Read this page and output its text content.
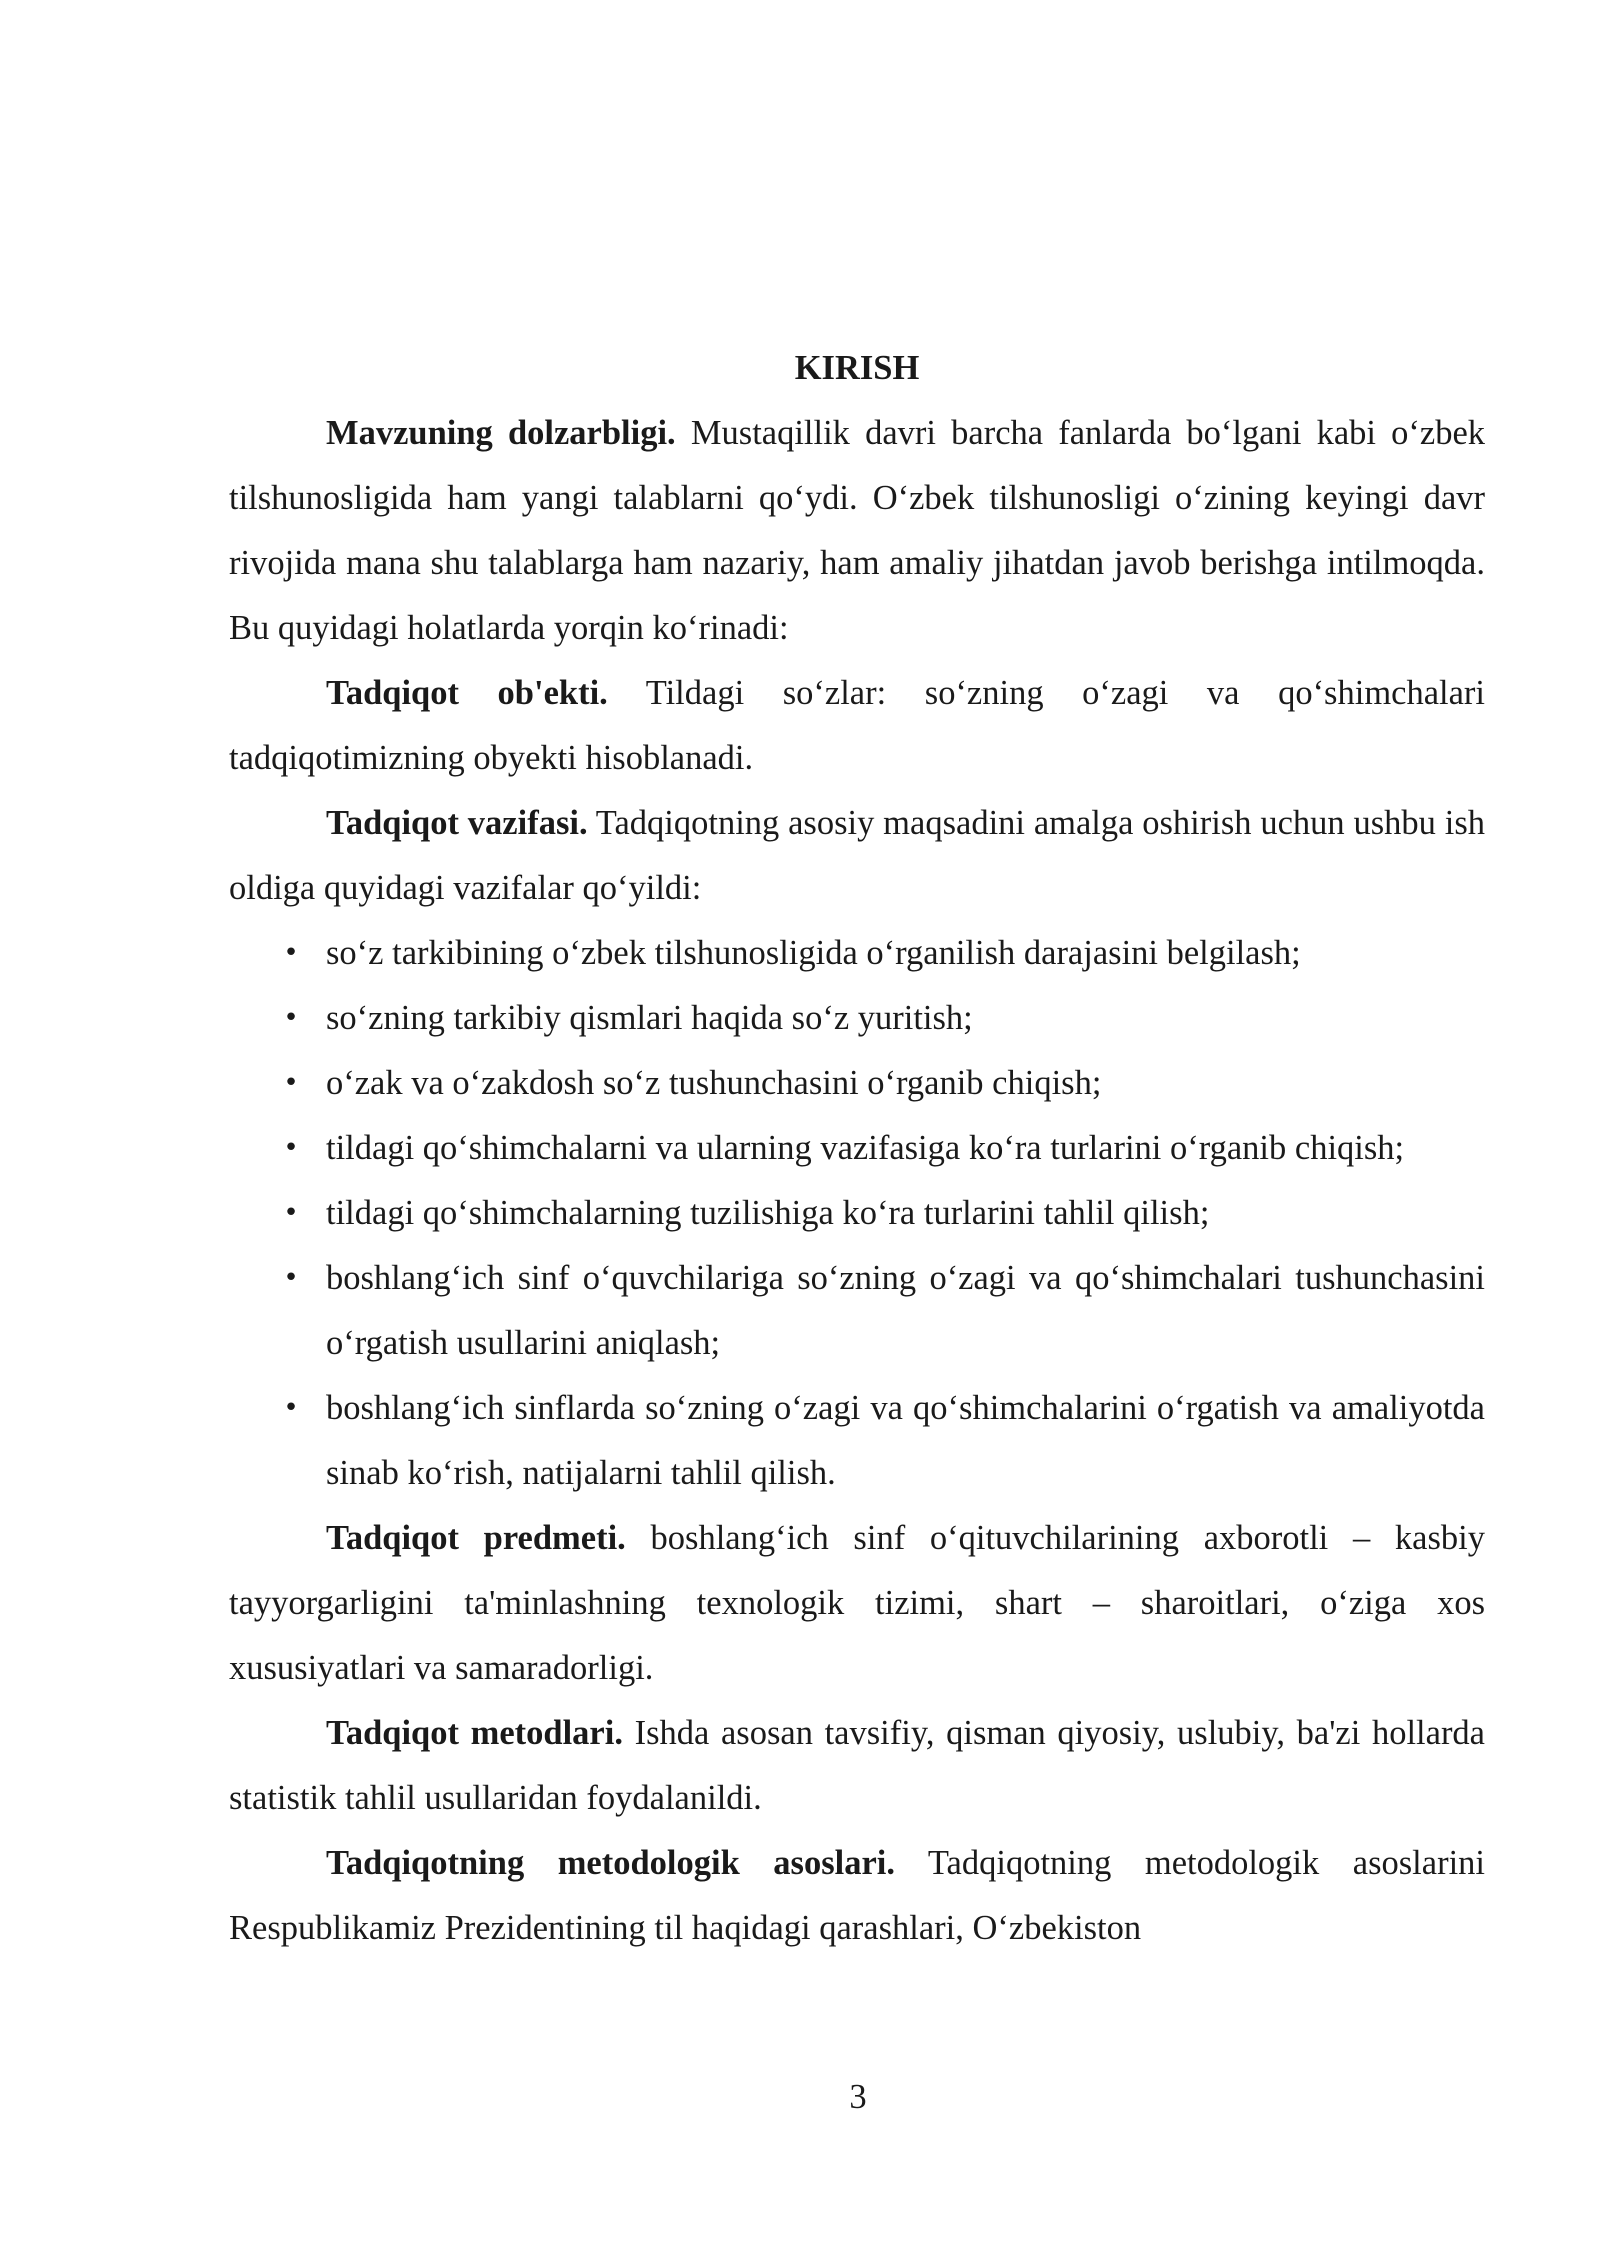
KIRISH

Mavzuning dolzarbligi. Mustaqillik davri barcha fanlarda boʻlgani kabi oʻzbek tilshunosligida ham yangi talablarni qoʻydi. Oʻzbek tilshunosligi oʻzining keyingi davr rivojida mana shu talablarga ham nazariy, ham amaliy jihatdan javob berishga intilmoqda. Bu quyidagi holatlarda yorqin koʻrinadi:

Tadqiqot ob'ekti. Tildagi soʻzlar: soʻzning oʻzagi va qoʻshimchalari tadqiqotimizning obyekti hisoblanadi.

Tadqiqot vazifasi. Tadqiqotning asosiy maqsadini amalga oshirish uchun ushbu ish oldiga quyidagi vazifalar qoʻyildi:

• soʻz tarkibining oʻzbek tilshunosligida oʻrganilish darajasini belgilash;
• soʻzning tarkibiy qismlari haqida soʻz yuritish;
• oʻzak va oʻzakdosh soʻz tushunchasini oʻrganib chiqish;
• tildagi qoʻshimchalarni va ularning vazifasiga koʻra turlarini oʻrganib chiqish;
• tildagi qoʻshimchalarning tuzilishiga koʻra turlarini tahlil qilish;
• boshlangʻich sinf oʻquvchilariga soʻzning oʻzagi va qoʻshimchalari tushunchasini oʻrgatish usullarini aniqlash;
• boshlangʻich sinflarda soʻzning oʻzagi va qoʻshimchalarini oʻrgatish va amaliyotda sinab koʻrish, natijalarni tahlil qilish.

Tadqiqot predmeti. boshlangʻich sinf oʻqituvchilarining axborotli – kasbiy tayyorgarligini ta'minlashning texnologik tizimi, shart – sharoitlari, oʻziga xos xususiyatlari va samaradorligi.

Tadqiqot metodlari. Ishda asosan tavsifiy, qisman qiyosiy, uslubiy, ba'zi hollarda statistik tahlil usullaridan foydalanildi.

Tadqiqotning metodologik asoslari. Tadqiqotning metodologik asoslarini Respublikamiz Prezidentining til haqidagi qarashlari, Oʻzbekiston

3
